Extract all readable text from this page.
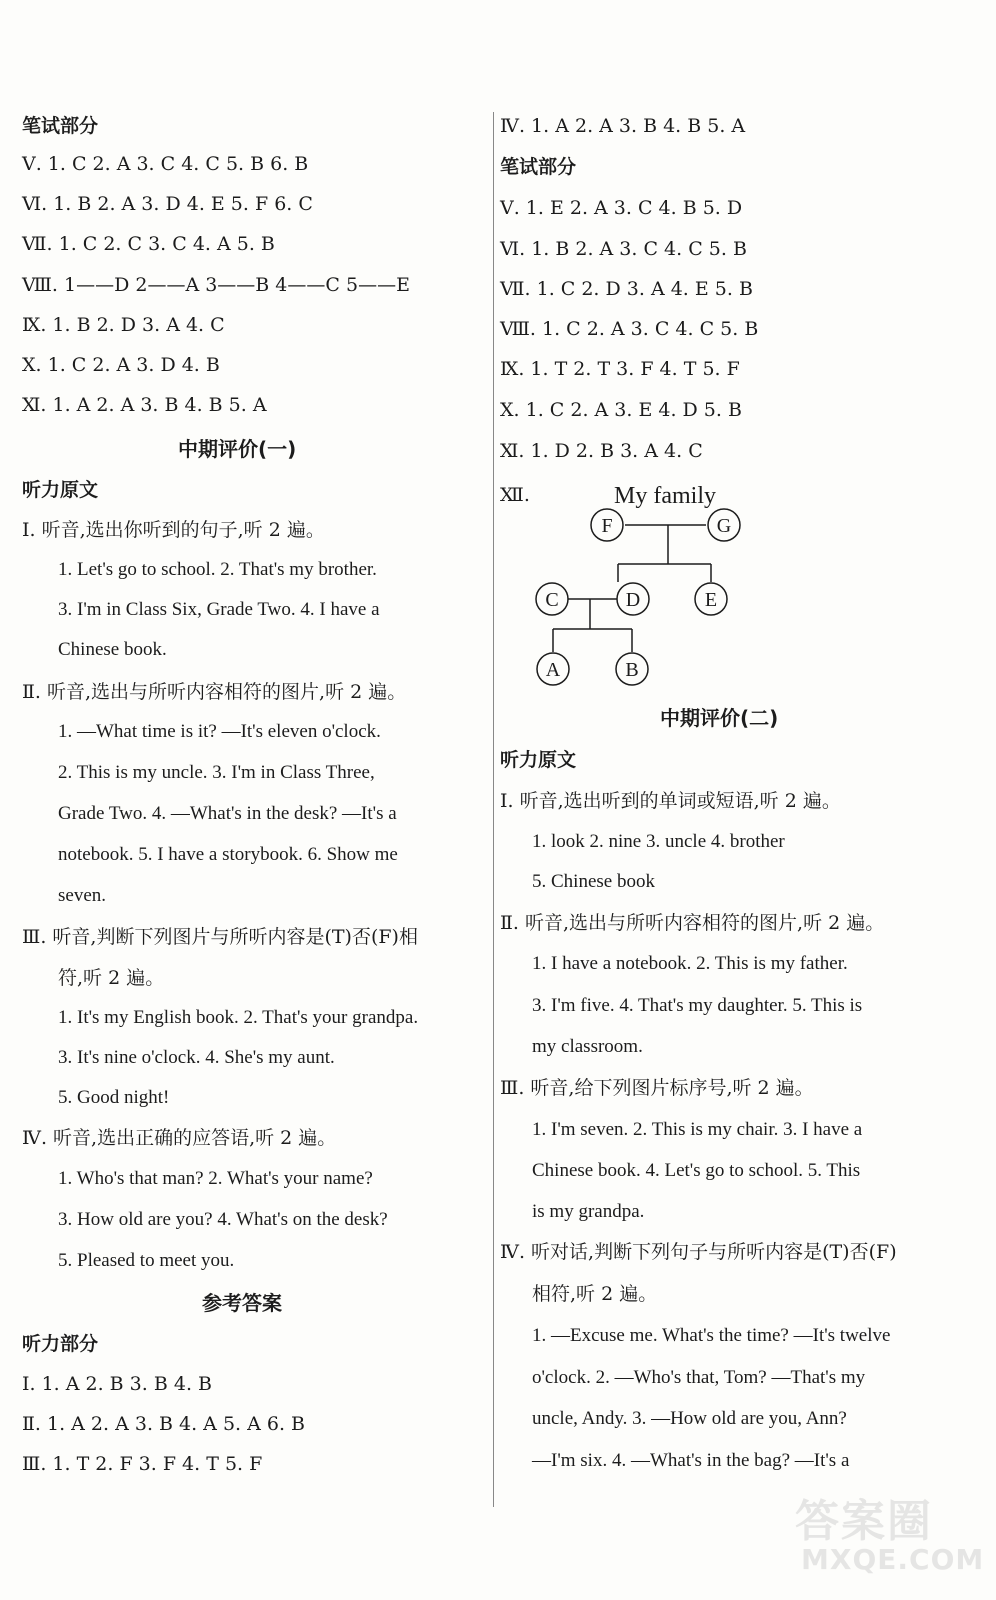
笔试部分
Ⅴ. 1. C 2. A 3. C 4. C 5. B 6. B
Ⅵ. 1. B 2. A 3. D 4. E 5. F 6. C
Ⅶ. 1. C 2. C 3. C 4. A 5. B
Ⅷ. 1——D 2——A 3——B 4——C 5——E
Ⅸ. 1. B 2. D 3. A 4. C
Ⅹ. 1. C 2. A 3. D 4. B
Ⅺ. 1. A 2. A 3. B 4. B 5. A
中期评价(一)
听力原文
Ⅰ. 听音,选出你听到的句子,听 2 遍。
1. Let's go to school. 2. That's my brother.
3. I'm in Class Six, Grade Two. 4. I have a
Chinese book.
Ⅱ. 听音,选出与所听内容相符的图片,听 2 遍。
1. —What time is it? —It's eleven o'clock.
2. This is my uncle. 3. I'm in Class Three,
Grade Two. 4. —What's in the desk? —It's a
notebook. 5. I have a storybook. 6. Show me
seven.
Ⅲ. 听音,判断下列图片与所听内容是(T)否(F)相
符,听 2 遍。
1. It's my English book. 2. That's your grandpa.
3. It's nine o'clock. 4. She's my aunt.
5. Good night!
Ⅳ. 听音,选出正确的应答语,听 2 遍。
1. Who's that man? 2. What's your name?
3. How old are you? 4. What's on the desk?
5. Pleased to meet you.
参考答案
听力部分
Ⅰ. 1. A 2. B 3. B 4. B
Ⅱ. 1. A 2. A 3. B 4. A 5. A 6. B
Ⅲ. 1. T 2. F 3. F 4. T 5. F
Ⅳ. 1. A 2. A 3. B 4. B 5. A
笔试部分
Ⅴ. 1. E 2. A 3. C 4. B 5. D
Ⅵ. 1. B 2. A 3. C 4. C 5. B
Ⅶ. 1. C 2. D 3. A 4. E 5. B
Ⅷ. 1. C 2. A 3. C 4. C 5. B
Ⅸ. 1. T 2. T 3. F 4. T 5. F
Ⅹ. 1. C 2. A 3. E 4. D 5. B
Ⅺ. 1. D 2. B 3. A 4. C
Ⅻ.
中期评价(二)
听力原文
Ⅰ. 听音,选出听到的单词或短语,听 2 遍。
1. look 2. nine 3. uncle 4. brother
5. Chinese book
Ⅱ. 听音,选出与所听内容相符的图片,听 2 遍。
1. I have a notebook. 2. This is my father.
3. I'm five. 4. That's my daughter. 5. This is
my classroom.
Ⅲ. 听音,给下列图片标序号,听 2 遍。
1. I'm seven. 2. This is my chair. 3. I have a
Chinese book. 4. Let's go to school. 5. This
is my grandpa.
Ⅳ. 听对话,判断下列句子与所听内容是(T)否(F)
相符,听 2 遍。
1. —Excuse me. What's the time? —It's twelve
o'clock. 2. —Who's that, Tom? —That's my
uncle, Andy. 3. —How old are you, Ann?
—I'm six. 4. —What's in the bag? —It's a
My family
F	G
C	D	E
A	B
答案圈
MXQE.COM
